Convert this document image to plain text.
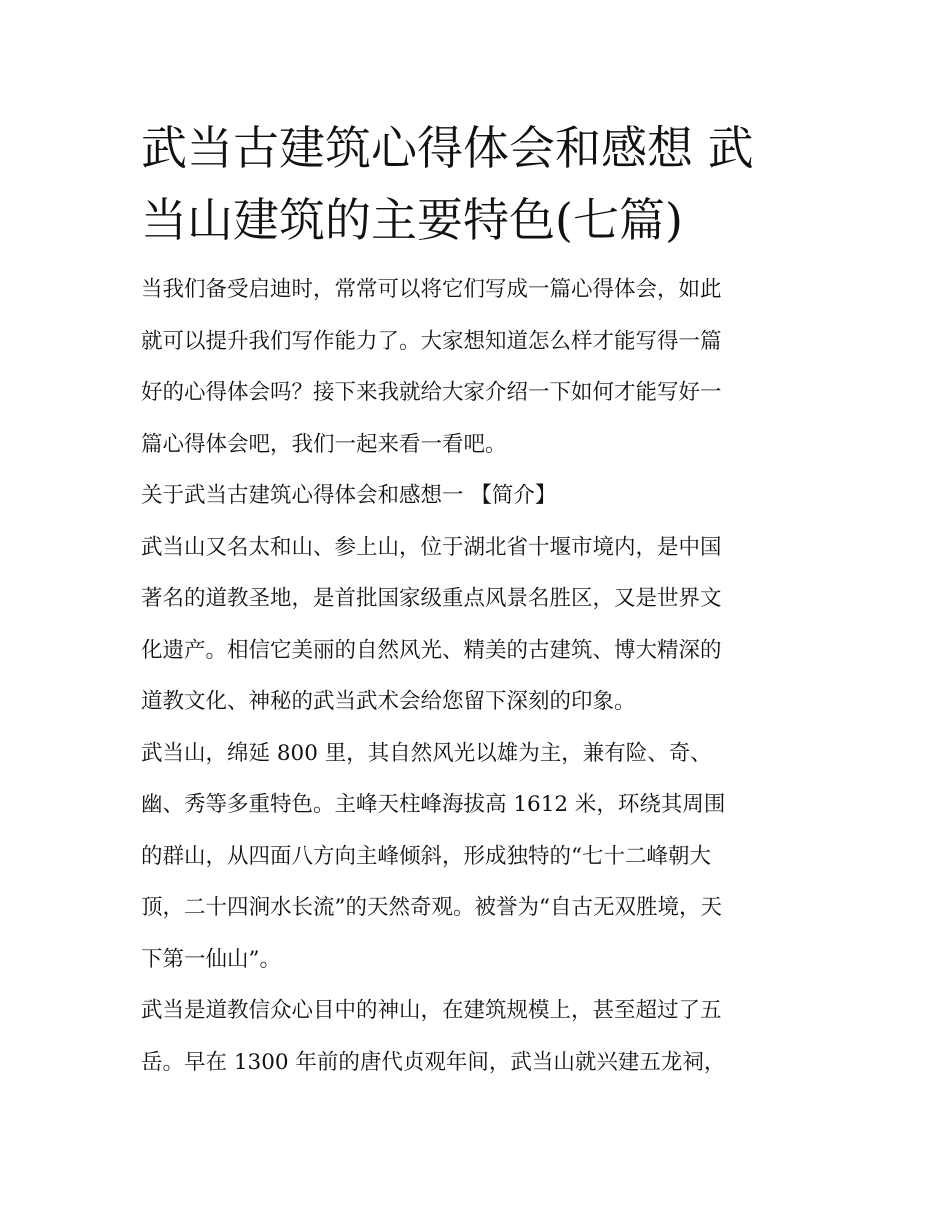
武当古建筑心得体会和感想 武
当山建筑的主要特色(七篇)

当我们备受启迪时，常常可以将它们写成一篇心得体会，如此
就可以提升我们写作能力了。大家想知道怎么样才能写得一篇
好的心得体会吗？接下来我就给大家介绍一下如何才能写好一
篇心得体会吧，我们一起来看一看吧。

关于武当古建筑心得体会和感想一 【简介】

武当山又名太和山、参上山，位于湖北省十堰市境内，是中国
著名的道教圣地，是首批国家级重点风景名胜区，又是世界文
化遗产。相信它美丽的自然风光、精美的古建筑、博大精深的
道教文化、神秘的武当武术会给您留下深刻的印象。

武当山，绵延 800 里，其自然风光以雄为主，兼有险、奇、
幽、秀等多重特色。主峰天柱峰海拔高 1612 米，环绕其周围
的群山，从四面八方向主峰倾斜，形成独特的“七十二峰朝大
顶，二十四涧水长流”的天然奇观。被誉为“自古无双胜境，天
下第一仙山”。

武当是道教信众心目中的神山，在建筑规模上，甚至超过了五
岳。早在 1300 年前的唐代贞观年间，武当山就兴建五龙祠，
